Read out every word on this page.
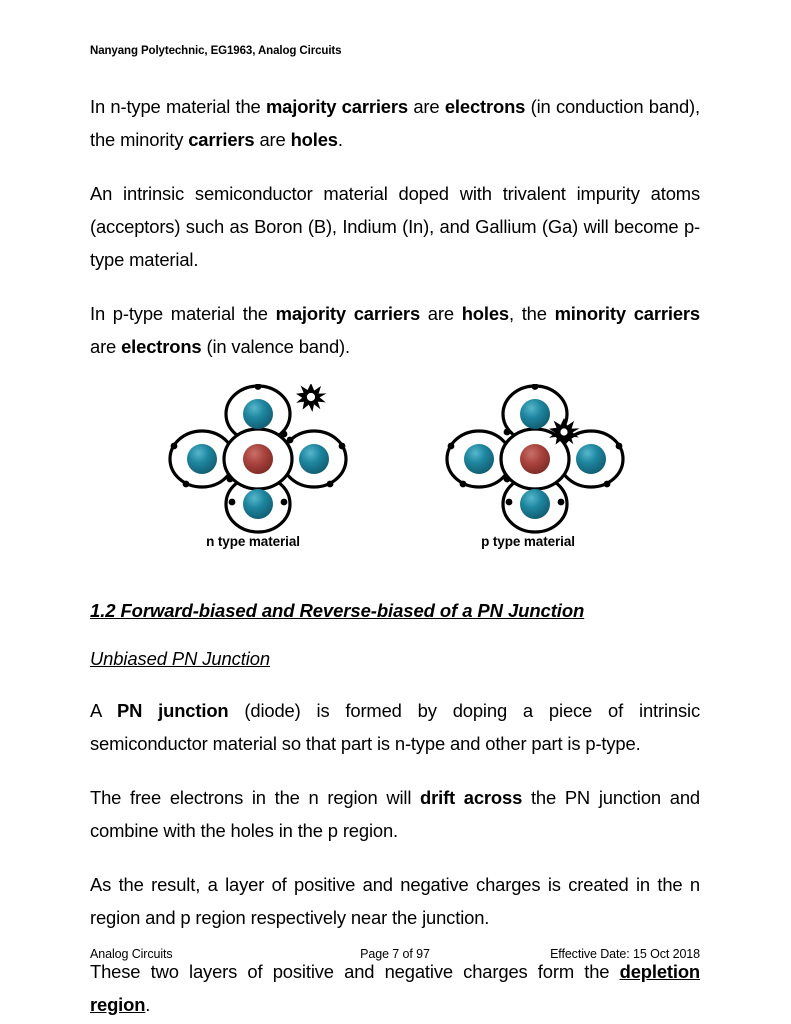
Nanyang Polytechnic, EG1963, Analog Circuits

In n-type material the majority carriers are electrons (in conduction band), the minority carriers are holes.

An intrinsic semiconductor material doped with trivalent impurity atoms (acceptors) such as Boron (B), Indium (In), and Gallium (Ga) will become p-type material.

In p-type material the majority carriers are holes, the minority carriers are electrons (in valence band).

n type material	p type material
1.2 Forward-biased and Reverse-biased of a PN Junction
Unbiased PN Junction

A PN junction (diode) is formed by doping a piece of intrinsic semiconductor material so that part is n-type and other part is p-type.

The free electrons in the n region will drift across the PN junction and combine with the holes in the p region.

As the result, a layer of positive and negative charges is created in the n region and p region respectively near the junction.

These two layers of positive and negative charges form the depletion region.

Analog Circuits	Page 7 of 97	Effective Date: 15 Oct 2018
